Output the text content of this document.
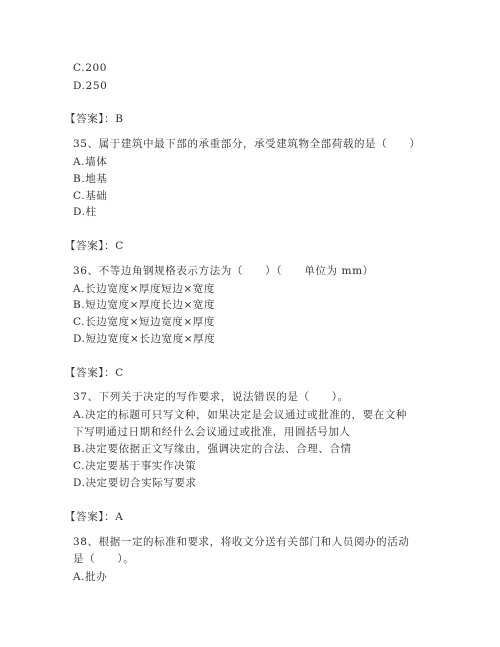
C.200
D.250
【答案】：B
35、属于建筑中最下部的承重部分，承受建筑物全部荷载的是（　　）
A.墙体
B.地基
C.基础
D.柱
【答案】：C
36、不等边角钢规格表示方法为（　　）（　　单位为 mm）
A.长边宽度×厚度短边×宽度
B.短边宽度×厚度长边×宽度
C.长边宽度×短边宽度×厚度
D.短边宽度×长边宽度×厚度
【答案】：C
37、下列关于决定的写作要求，说法错误的是（　　）。
A.决定的标题可只写文种，如果决定是会议通过或批准的，要在文种
下写明通过日期和经什么会议通过或批准，用圆括号加人
B.决定要依据正文写缘由，强调决定的合法、合理、合情
C.决定要基于事实作决策
D.决定要切合实际写要求
【答案】：A
38、根据一定的标准和要求，将收文分送有关部门和人员阅办的活动
是（　　）。
A.批办
